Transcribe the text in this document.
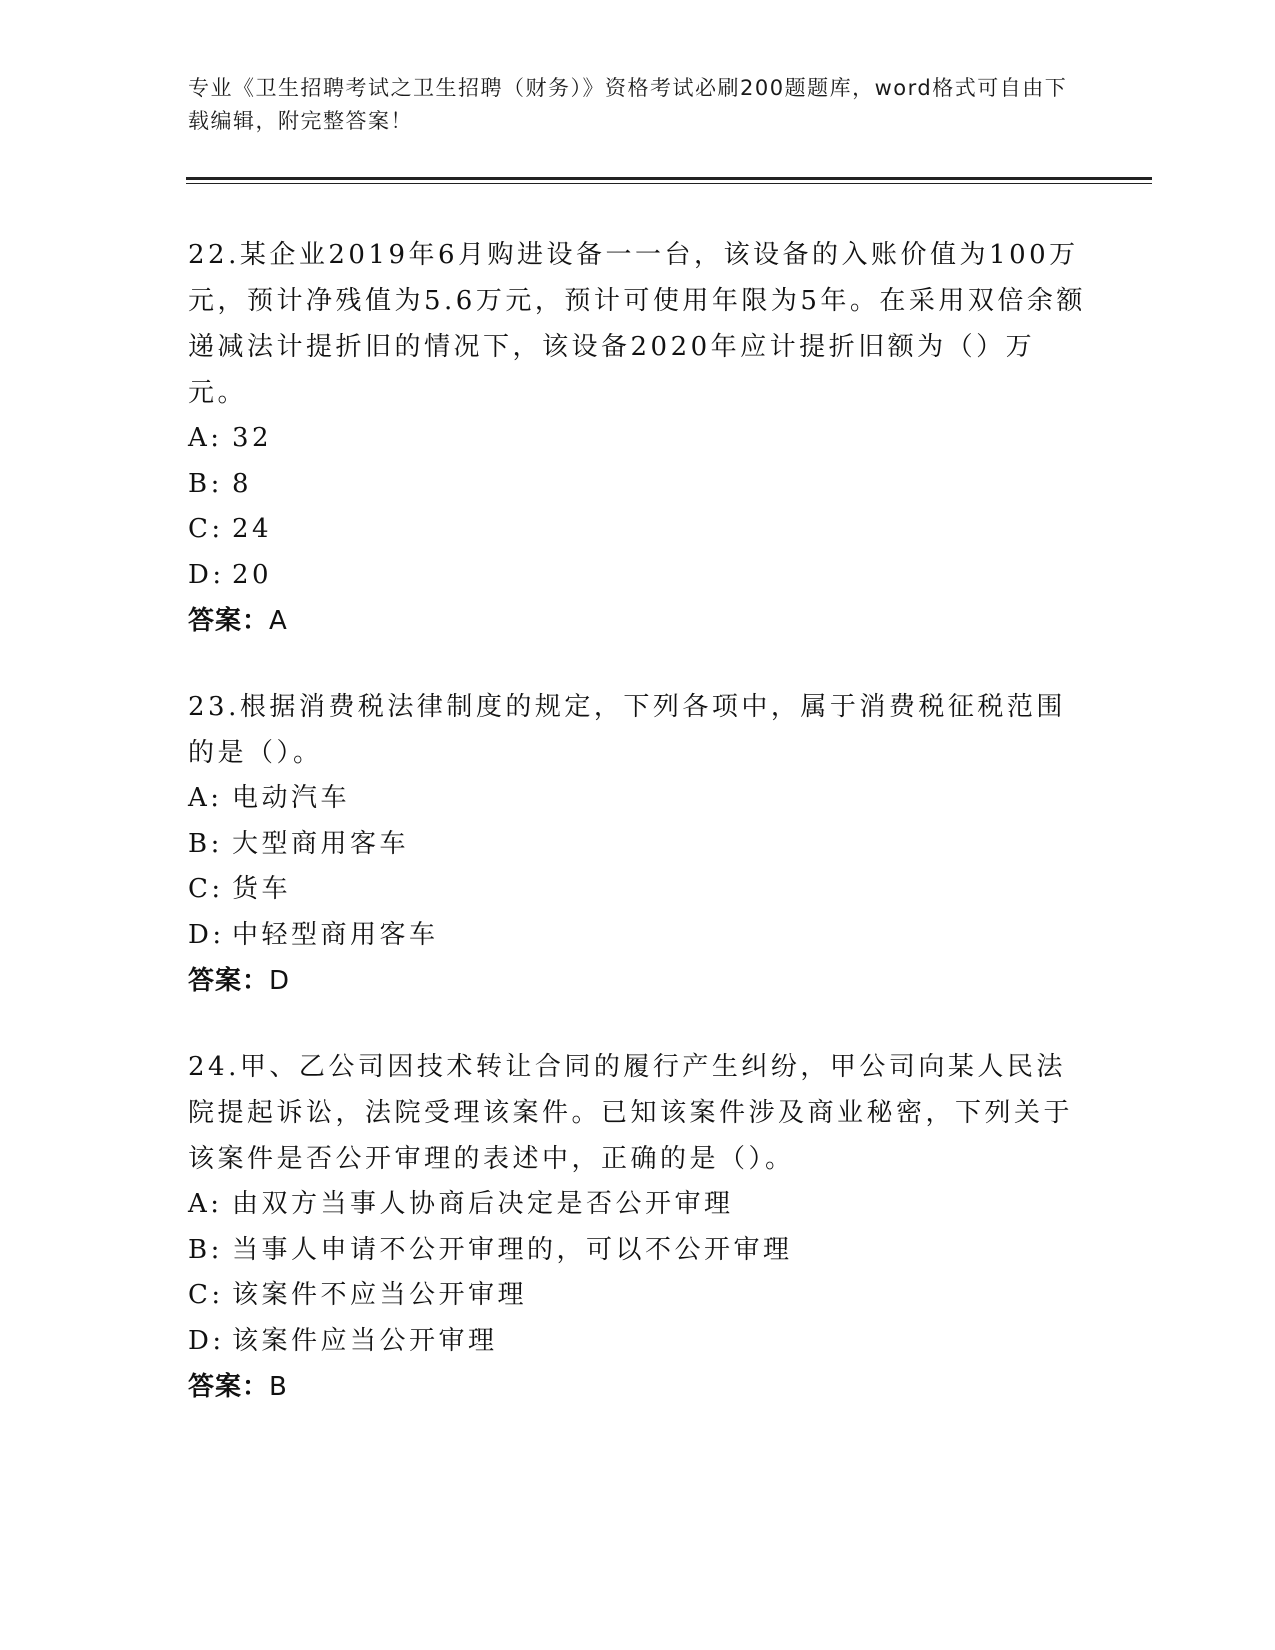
专业《卫生招聘考试之卫生招聘（财务）》资格考试必刷200题题库，word格式可自由下载编辑，附完整答案！

22.某企业2019年6月购进设备一一台，该设备的入账价值为100万元，预计净残值为5.6万元，预计可使用年限为5年。在采用双倍余额递减法计提折旧的情况下，该设备2020年应计提折旧额为（）万元。

A: 32
B: 8
C: 24
D: 20
答案：A

23.根据消费税法律制度的规定，下列各项中，属于消费税征税范围的是（）。

A: 电动汽车
B: 大型商用客车
C: 货车
D: 中轻型商用客车
答案：D

24.甲、乙公司因技术转让合同的履行产生纠纷，甲公司向某人民法院提起诉讼，法院受理该案件。已知该案件涉及商业秘密，下列关于该案件是否公开审理的表述中，正确的是（）。

A: 由双方当事人协商后决定是否公开审理
B: 当事人申请不公开审理的，可以不公开审理
C: 该案件不应当公开审理
D: 该案件应当公开审理
答案：B
